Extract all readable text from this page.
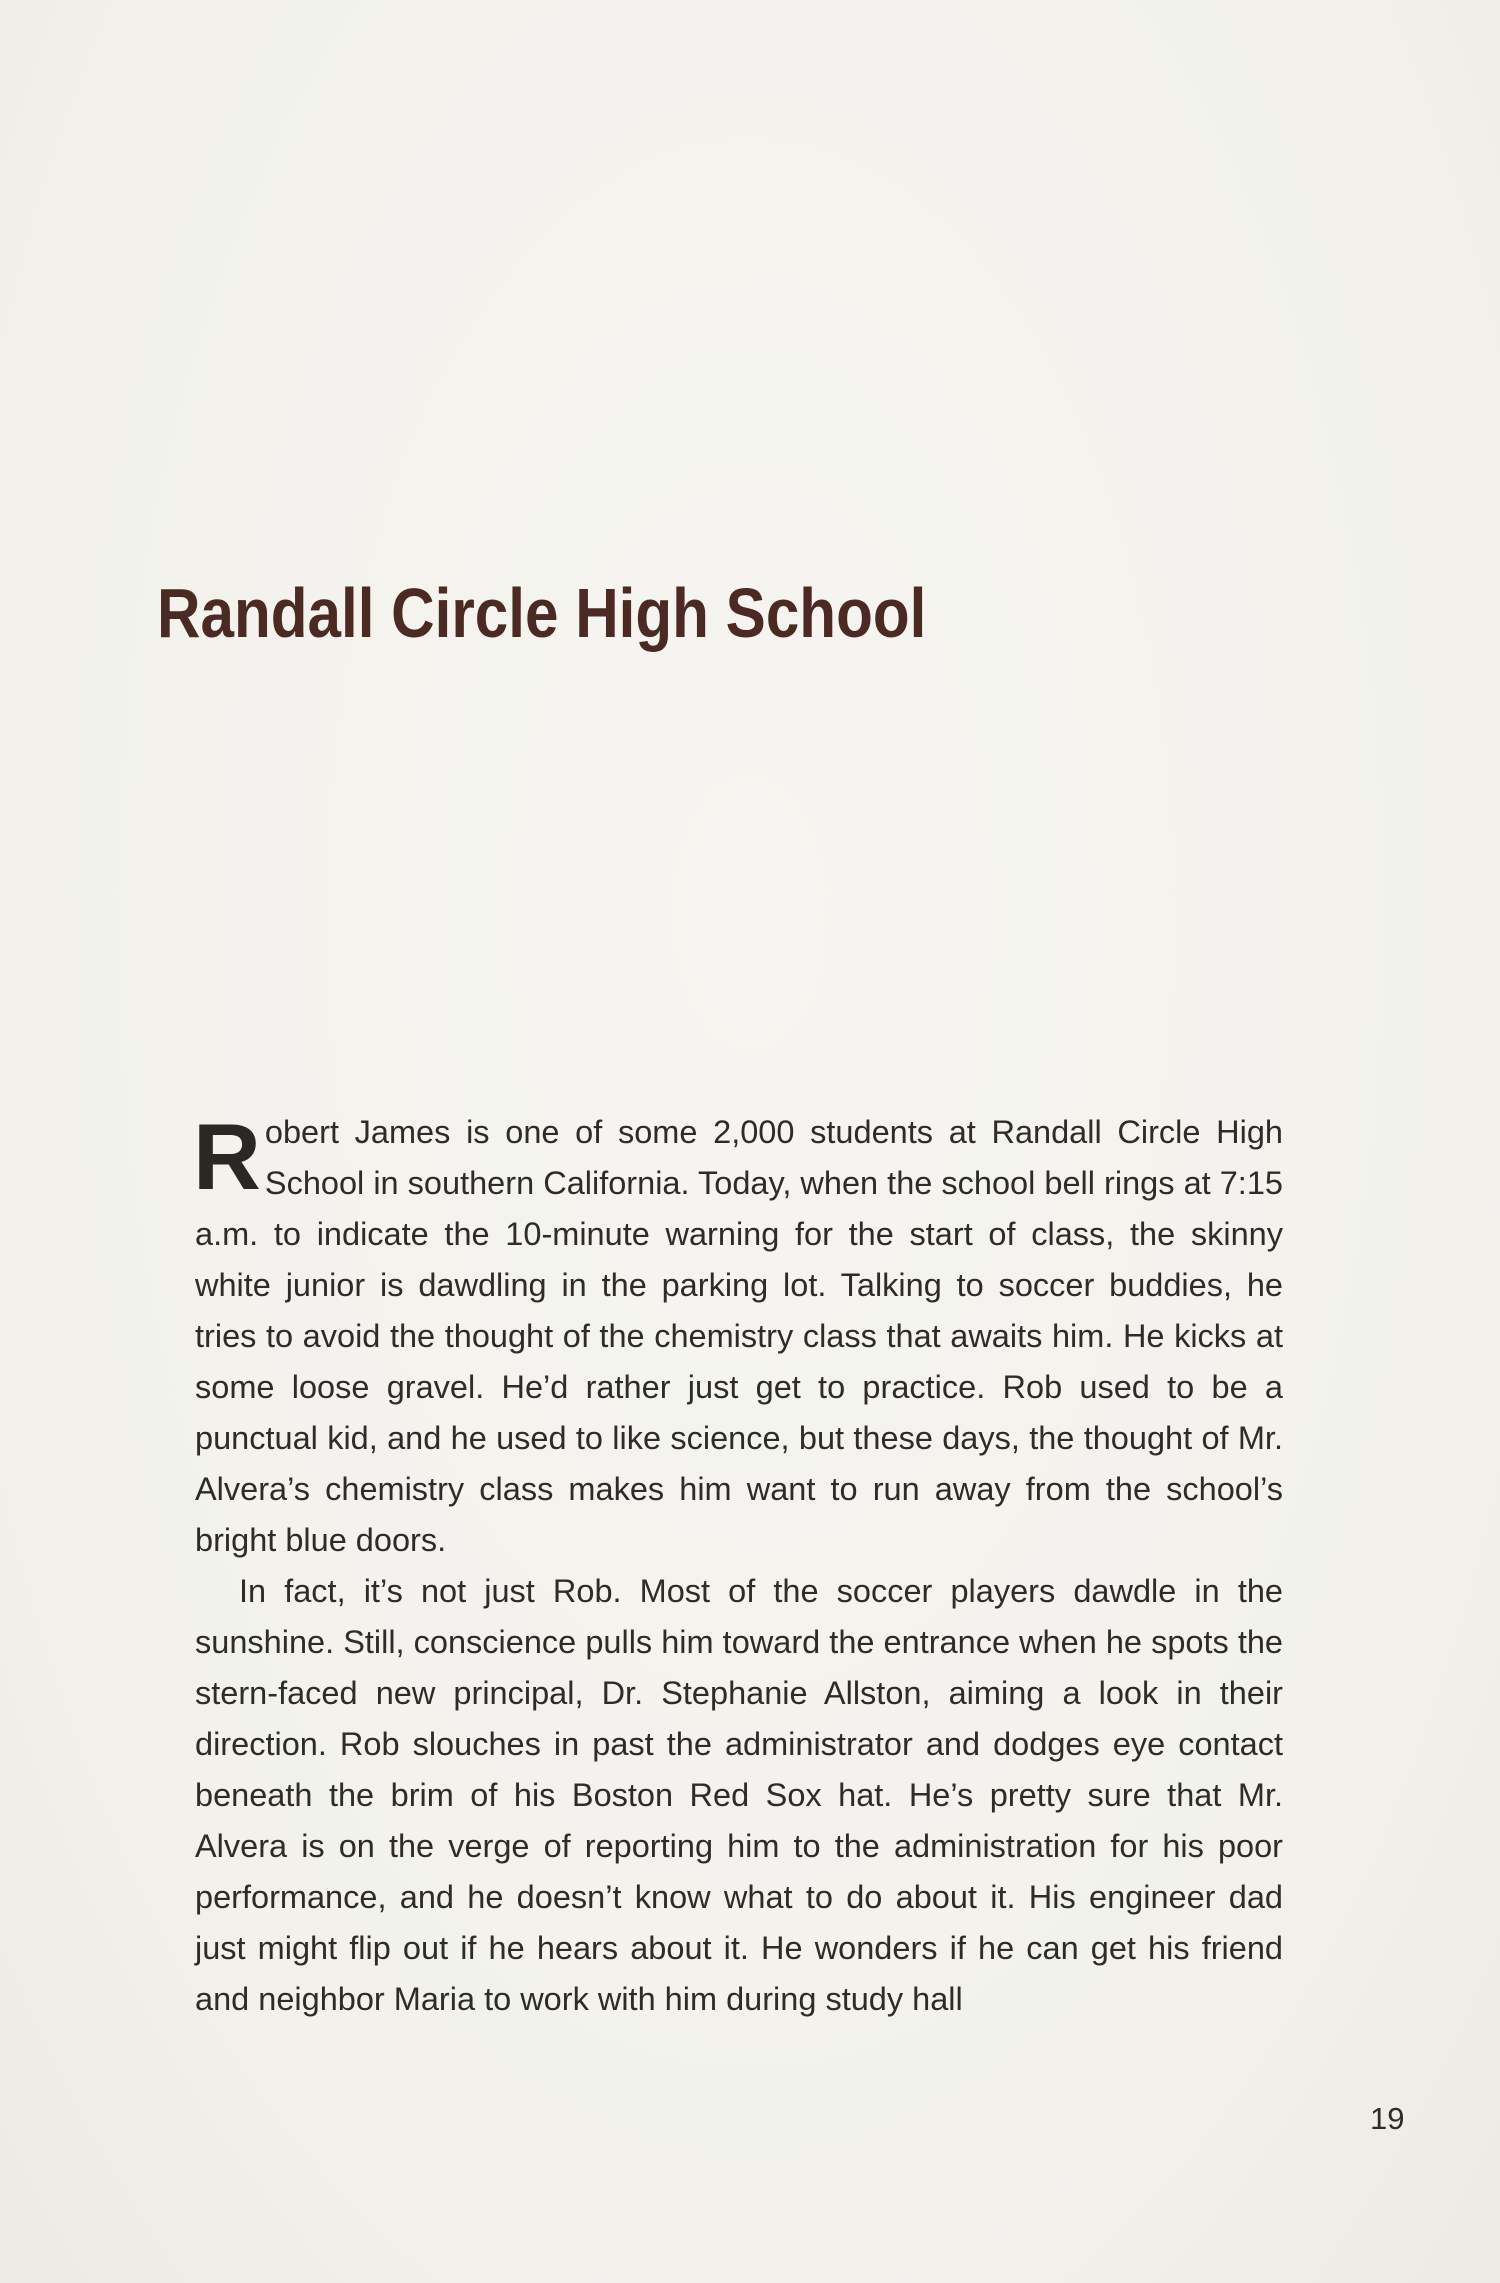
Randall Circle High School

Robert James is one of some 2,000 students at Randall Circle High School in southern California. Today, when the school bell rings at 7:15 a.m. to indicate the 10-minute warning for the start of class, the skinny white junior is dawdling in the parking lot. Talking to soccer buddies, he tries to avoid the thought of the chemistry class that awaits him. He kicks at some loose gravel. He’d rather just get to practice. Rob used to be a punctual kid, and he used to like science, but these days, the thought of Mr. Alvera’s chemistry class makes him want to run away from the school’s bright blue doors.

In fact, it’s not just Rob. Most of the soccer players dawdle in the sunshine. Still, conscience pulls him toward the entrance when he spots the stern-faced new principal, Dr. Stephanie Allston, aiming a look in their direction. Rob slouches in past the administrator and dodges eye contact beneath the brim of his Boston Red Sox hat. He’s pretty sure that Mr. Alvera is on the verge of reporting him to the administration for his poor performance, and he doesn’t know what to do about it. His engineer dad just might flip out if he hears about it. He wonders if he can get his friend and neighbor Maria to work with him during study hall

19
